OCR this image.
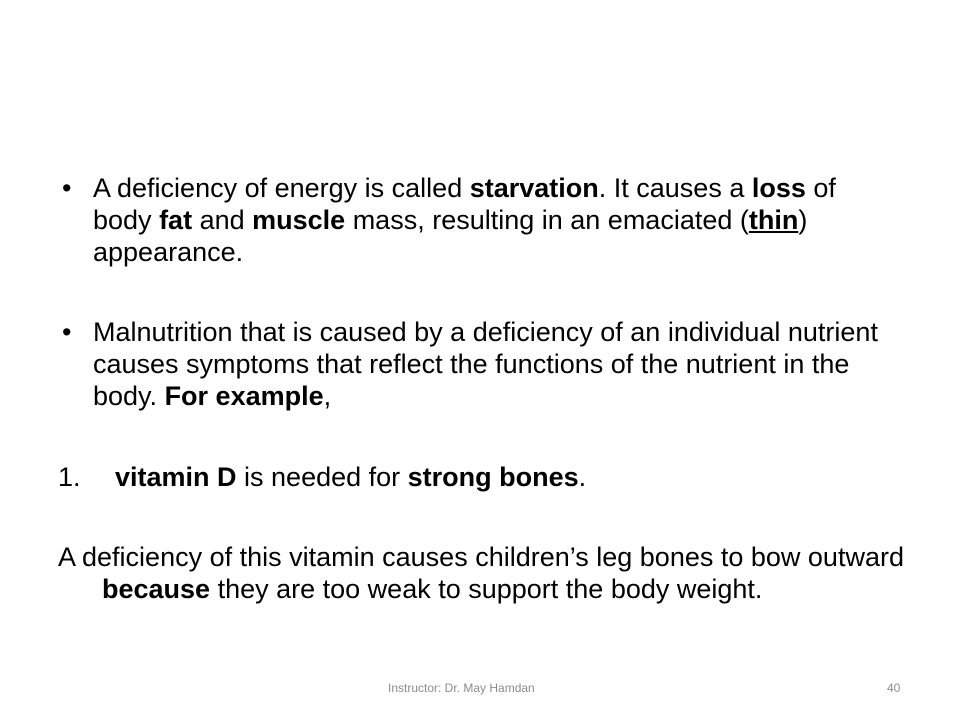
• A deficiency of energy is called starvation. It causes a loss of body fat and muscle mass, resulting in an emaciated (thin) appearance.

• Malnutrition that is caused by a deficiency of an individual nutrient causes symptoms that reflect the functions of the nutrient in the body. For example,

1. vitamin D is needed for strong bones.

A deficiency of this vitamin causes children’s leg bones to bow outward because they are too weak to support the body weight.

Instructor: Dr. May Hamdan	40
